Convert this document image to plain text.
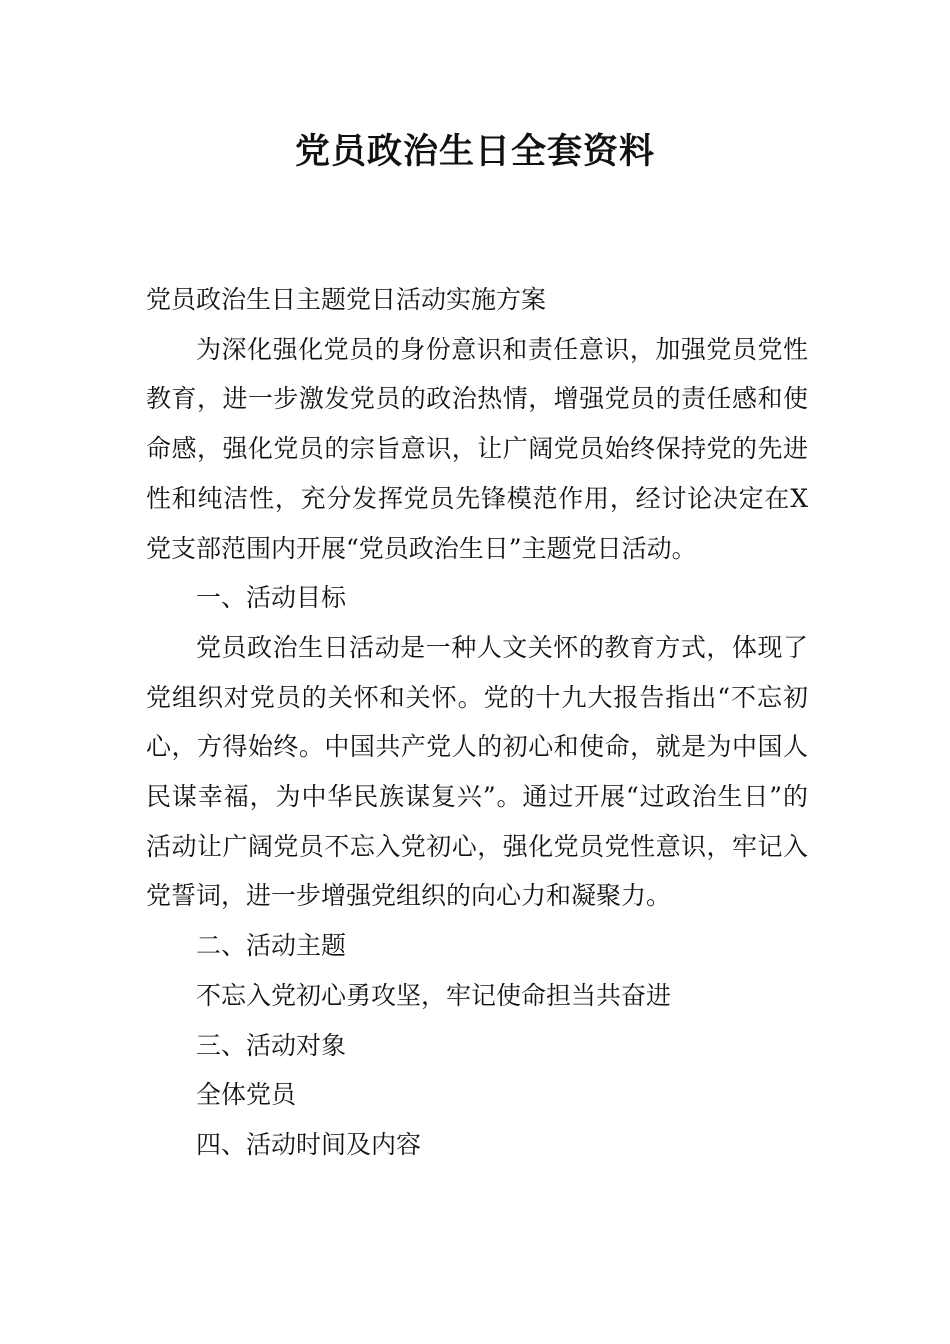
党员政治生日全套资料

党员政治生日主题党日活动实施方案

为深化强化党员的身份意识和责任意识，加强党员党性教育，进一步激发党员的政治热情，增强党员的责任感和使命感，强化党员的宗旨意识，让广阔党员始终保持党的先进性和纯洁性，充分发挥党员先锋模范作用，经讨论决定在X党支部范围内开展“党员政治生日”主题党日活动。

一、活动目标

党员政治生日活动是一种人文关怀的教育方式，体现了党组织对党员的关怀和关怀。党的十九大报告指出“不忘初心，方得始终。中国共产党人的初心和使命，就是为中国人民谋幸福，为中华民族谋复兴”。通过开展“过政治生日”的活动让广阔党员不忘入党初心，强化党员党性意识，牢记入党誓词，进一步增强党组织的向心力和凝聚力。

二、活动主题

不忘入党初心勇攻坚，牢记使命担当共奋进

三、活动对象

全体党员

四、活动时间及内容
